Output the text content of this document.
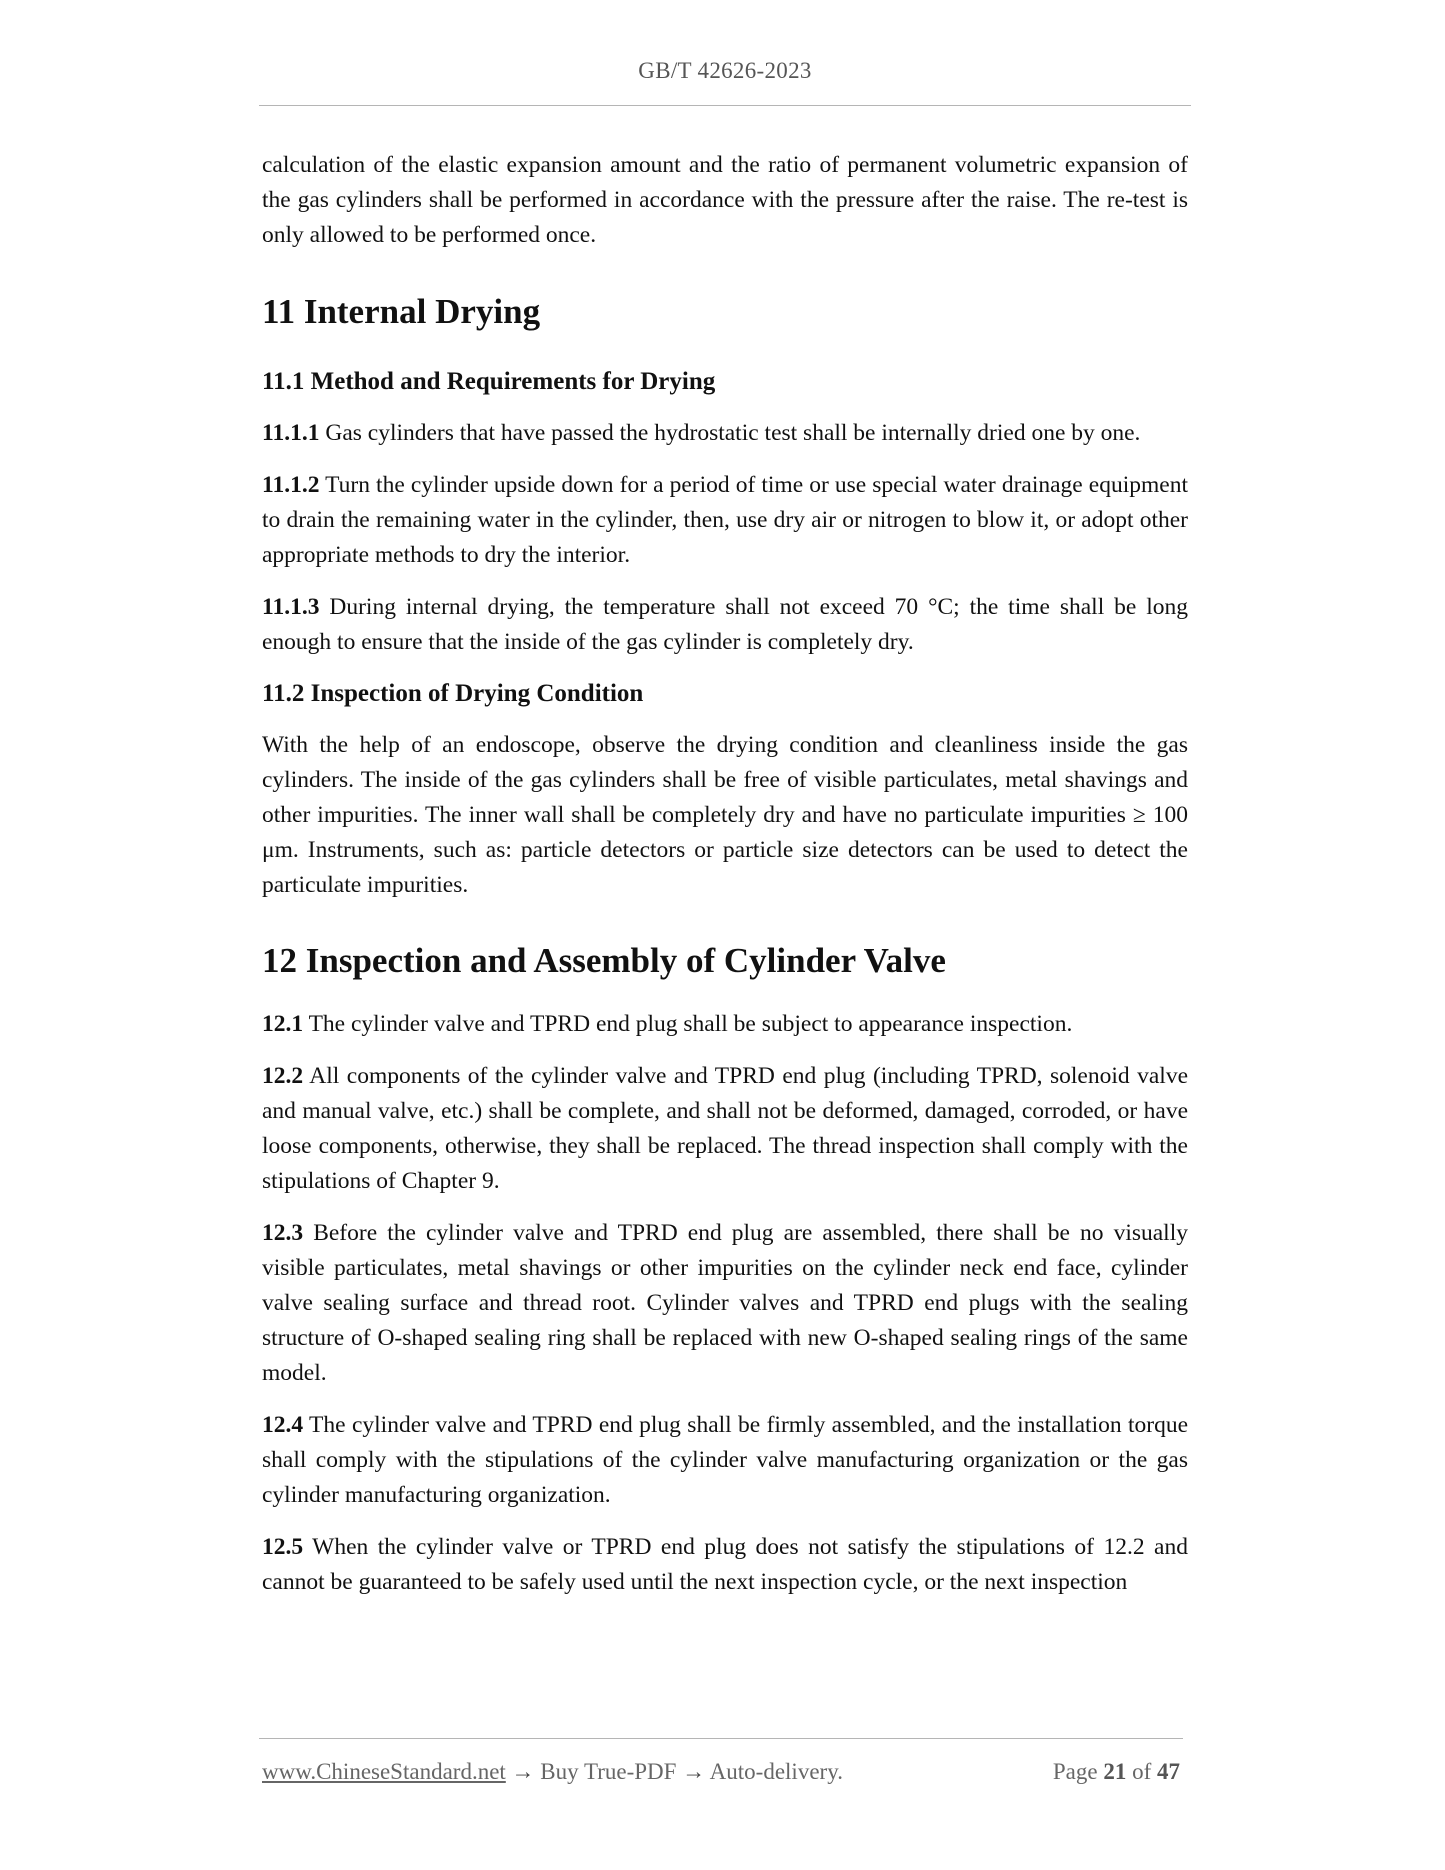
GB/T 42626-2023

calculation of the elastic expansion amount and the ratio of permanent volumetric expansion of the gas cylinders shall be performed in accordance with the pressure after the raise. The re-test is only allowed to be performed once.

11 Internal Drying
11.1 Method and Requirements for Drying

11.1.1 Gas cylinders that have passed the hydrostatic test shall be internally dried one by one.

11.1.2 Turn the cylinder upside down for a period of time or use special water drainage equipment to drain the remaining water in the cylinder, then, use dry air or nitrogen to blow it, or adopt other appropriate methods to dry the interior.

11.1.3 During internal drying, the temperature shall not exceed 70 °C; the time shall be long enough to ensure that the inside of the gas cylinder is completely dry.

11.2 Inspection of Drying Condition

With the help of an endoscope, observe the drying condition and cleanliness inside the gas cylinders. The inside of the gas cylinders shall be free of visible particulates, metal shavings and other impurities. The inner wall shall be completely dry and have no particulate impurities ≥ 100 μm. Instruments, such as: particle detectors or particle size detectors can be used to detect the particulate impurities.

12 Inspection and Assembly of Cylinder Valve

12.1 The cylinder valve and TPRD end plug shall be subject to appearance inspection.

12.2 All components of the cylinder valve and TPRD end plug (including TPRD, solenoid valve and manual valve, etc.) shall be complete, and shall not be deformed, damaged, corroded, or have loose components, otherwise, they shall be replaced. The thread inspection shall comply with the stipulations of Chapter 9.

12.3 Before the cylinder valve and TPRD end plug are assembled, there shall be no visually visible particulates, metal shavings or other impurities on the cylinder neck end face, cylinder valve sealing surface and thread root. Cylinder valves and TPRD end plugs with the sealing structure of O-shaped sealing ring shall be replaced with new O-shaped sealing rings of the same model.

12.4 The cylinder valve and TPRD end plug shall be firmly assembled, and the installation torque shall comply with the stipulations of the cylinder valve manufacturing organization or the gas cylinder manufacturing organization.

12.5 When the cylinder valve or TPRD end plug does not satisfy the stipulations of 12.2 and cannot be guaranteed to be safely used until the next inspection cycle, or the next inspection

www.ChineseStandard.net → Buy True-PDF → Auto-delivery.	Page 21 of 47
